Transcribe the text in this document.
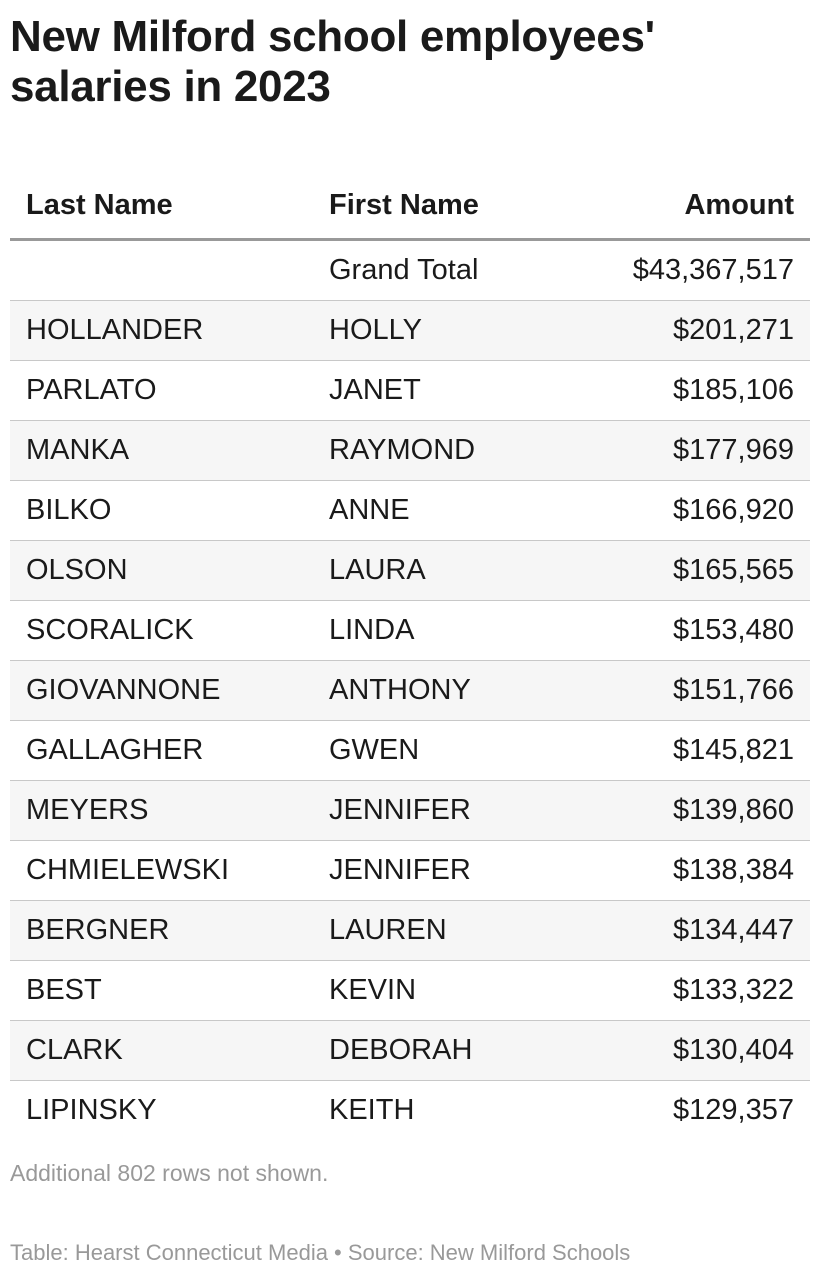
New Milford school employees' salaries in 2023
Last Name	First Name	Amount
	Grand Total	$43,367,517
HOLLANDER	HOLLY	$201,271
PARLATO	JANET	$185,106
MANKA	RAYMOND	$177,969
BILKO	ANNE	$166,920
OLSON	LAURA	$165,565
SCORALICK	LINDA	$153,480
GIOVANNONE	ANTHONY	$151,766
GALLAGHER	GWEN	$145,821
MEYERS	JENNIFER	$139,860
CHMIELEWSKI	JENNIFER	$138,384
BERGNER	LAUREN	$134,447
BEST	KEVIN	$133,322
CLARK	DEBORAH	$130,404
LIPINSKY	KEITH	$129,357
Additional 802 rows not shown.
Table: Hearst Connecticut Media • Source: New Milford Schools
